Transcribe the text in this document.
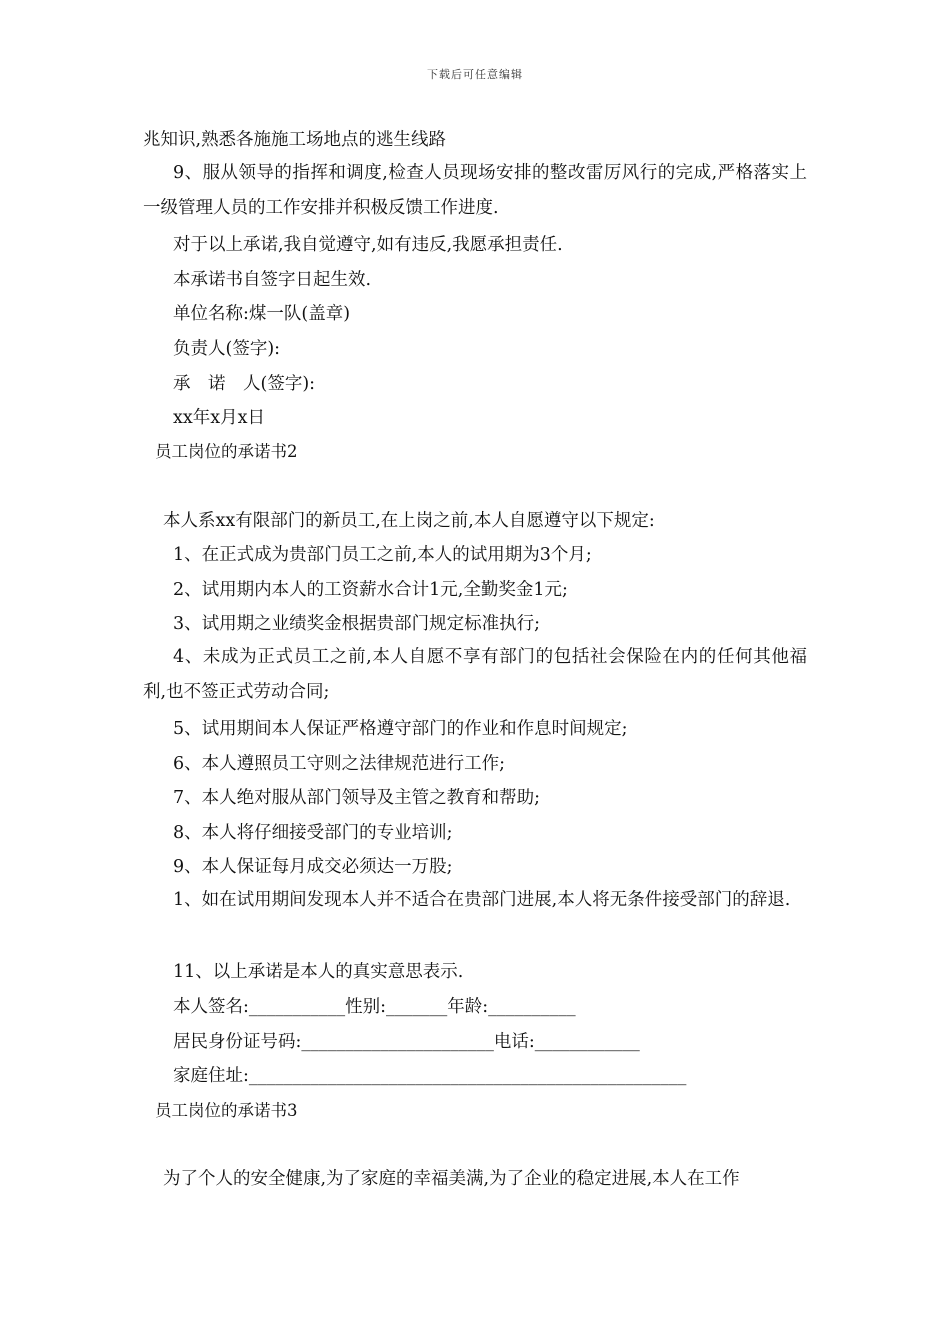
下载后可任意编辑
兆知识,熟悉各施施工场地点的逃生线路
9、服从领导的指挥和调度,检查人员现场安排的整改雷厉风行的完成,严格落实上一级管理人员的工作安排并积极反馈工作进度.
对于以上承诺,我自觉遵守,如有违反,我愿承担责任.
本承诺书自签字日起生效.
单位名称:煤一队(盖章)
负责人(签字):
承　诺　人(签字):
xx年x月x日
员工岗位的承诺书2
本人系xx有限部门的新员工,在上岗之前,本人自愿遵守以下规定:
1、在正式成为贵部门员工之前,本人的试用期为3个月;
2、试用期内本人的工资薪水合计1元,全勤奖金1元;
3、试用期之业绩奖金根据贵部门规定标准执行;
4、未成为正式员工之前,本人自愿不享有部门的包括社会保险在内的任何其他福利,也不签正式劳动合同;
5、试用期间本人保证严格遵守部门的作业和作息时间规定;
6、本人遵照员工守则之法律规范进行工作;
7、本人绝对服从部门领导及主管之教育和帮助;
8、本人将仔细接受部门的专业培训;
9、本人保证每月成交必须达一万股;
1、如在试用期间发现本人并不适合在贵部门进展,本人将无条件接受部门的辞退.
11、以上承诺是本人的真实意思表示.
本人签名:___________性别:_______年龄:__________
居民身份证号码:______________________电话:____________
家庭住址:__________________________________________________
员工岗位的承诺书3
为了个人的安全健康,为了家庭的幸福美满,为了企业的稳定进展,本人在工作
